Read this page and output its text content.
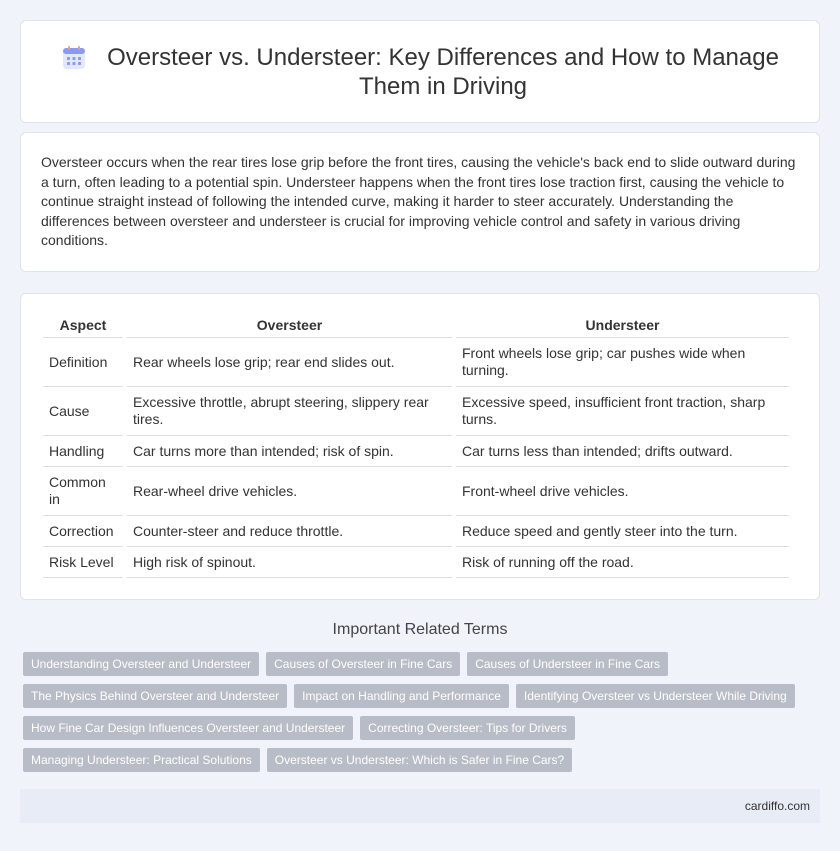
Oversteer vs. Understeer: Key Differences and How to Manage Them in Driving

Oversteer occurs when the rear tires lose grip before the front tires, causing the vehicle's back end to slide outward during a turn, often leading to a potential spin. Understeer happens when the front tires lose traction first, causing the vehicle to continue straight instead of following the intended curve, making it harder to steer accurately. Understanding the differences between oversteer and understeer is crucial for improving vehicle control and safety in various driving conditions.

Aspect	Oversteer	Understeer
Definition	Rear wheels lose grip; rear end slides out.	Front wheels lose grip; car pushes wide when turning.
Cause	Excessive throttle, abrupt steering, slippery rear tires.	Excessive speed, insufficient front traction, sharp turns.
Handling	Car turns more than intended; risk of spin.	Car turns less than intended; drifts outward.
Common in	Rear-wheel drive vehicles.	Front-wheel drive vehicles.
Correction	Counter-steer and reduce throttle.	Reduce speed and gently steer into the turn.
Risk Level	High risk of spinout.	Risk of running off the road.
Important Related Terms
Understanding Oversteer and Understeer	Causes of Oversteer in Fine Cars	Causes of Understeer in Fine Cars
The Physics Behind Oversteer and Understeer	Impact on Handling and Performance	Identifying Oversteer vs Understeer While Driving
How Fine Car Design Influences Oversteer and Understeer	Correcting Oversteer: Tips for Drivers
Managing Understeer: Practical Solutions	Oversteer vs Understeer: Which is Safer in Fine Cars?
cardiffo.com
